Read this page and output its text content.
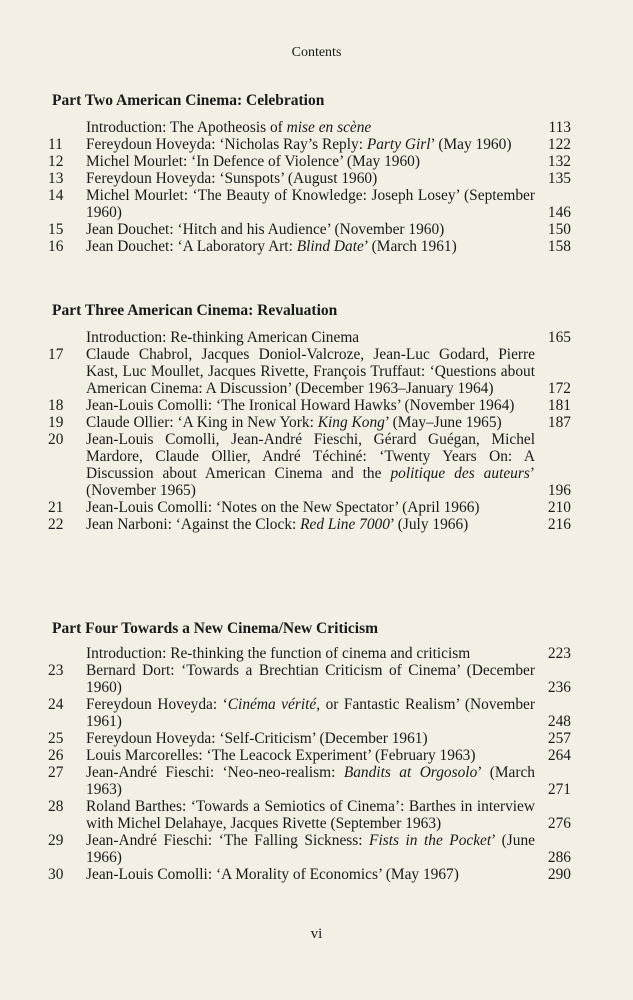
Contents
Part Two American Cinema: Celebration
Introduction: The Apotheosis of mise en scène	113
11	Fereydoun Hoveyda: ‘Nicholas Ray’s Reply: Party Girl’ (May 1960)	122
12	Michel Mourlet: ‘In Defence of Violence’ (May 1960)	132
13	Fereydoun Hoveyda: ‘Sunspots’ (August 1960)	135
14	Michel Mourlet: ‘The Beauty of Knowledge: Joseph Losey’ (September 1960)	146
15	Jean Douchet: ‘Hitch and his Audience’ (November 1960)	150
16	Jean Douchet: ‘A Laboratory Art: Blind Date’ (March 1961)	158
Part Three American Cinema: Revaluation
Introduction: Re-thinking American Cinema	165
17	Claude Chabrol, Jacques Doniol-Valcroze, Jean-Luc Godard, Pierre Kast, Luc Moullet, Jacques Rivette, François Truffaut: ‘Questions about American Cinema: A Discussion’ (December 1963–January 1964)	172
18	Jean-Louis Comolli: ‘The Ironical Howard Hawks’ (November 1964)	181
19	Claude Ollier: ‘A King in New York: King Kong’ (May–June 1965)	187
20	Jean-Louis Comolli, Jean-André Fieschi, Gérard Guégan, Michel Mardore, Claude Ollier, André Téchiné: ‘Twenty Years On: A Discussion about American Cinema and the politique des auteurs’ (November 1965)	196
21	Jean-Louis Comolli: ‘Notes on the New Spectator’ (April 1966)	210
22	Jean Narboni: ‘Against the Clock: Red Line 7000’ (July 1966)	216
Part Four Towards a New Cinema/New Criticism
Introduction: Re-thinking the function of cinema and criticism	223
23	Bernard Dort: ‘Towards a Brechtian Criticism of Cinema’ (December 1960)	236
24	Fereydoun Hoveyda: ‘Cinéma vérité, or Fantastic Realism’ (November 1961)	248
25	Fereydoun Hoveyda: ‘Self-Criticism’ (December 1961)	257
26	Louis Marcorelles: ‘The Leacock Experiment’ (February 1963)	264
27	Jean-André Fieschi: ‘Neo-neo-realism: Bandits at Orgosolo’ (March 1963)	271
28	Roland Barthes: ‘Towards a Semiotics of Cinema’: Barthes in interview with Michel Delahaye, Jacques Rivette (September 1963)	276
29	Jean-André Fieschi: ‘The Falling Sickness: Fists in the Pocket’ (June 1966)	286
30	Jean-Louis Comolli: ‘A Morality of Economics’ (May 1967)	290
vi
